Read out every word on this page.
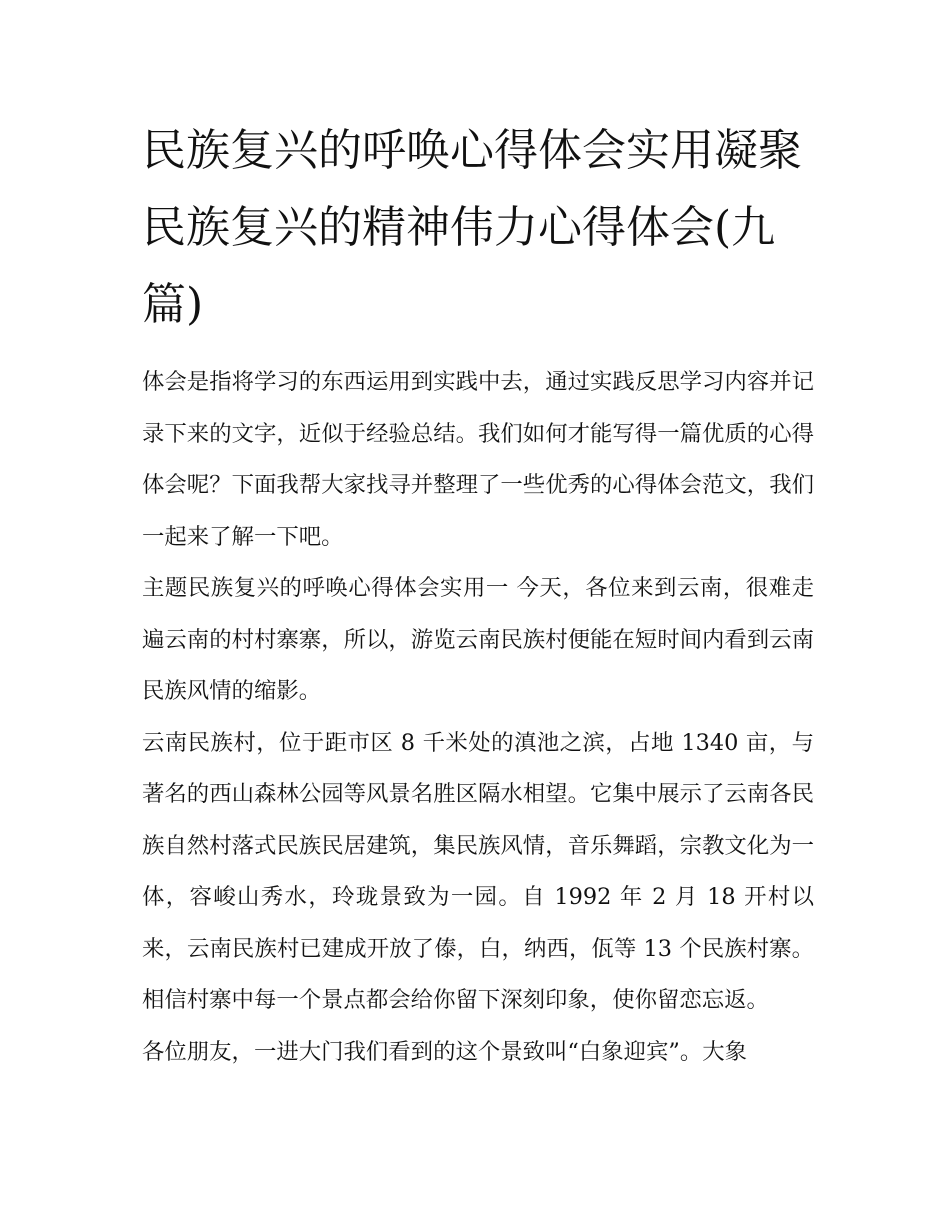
民族复兴的呼唤心得体会实用凝聚民族复兴的精神伟力心得体会(九篇)

体会是指将学习的东西运用到实践中去，通过实践反思学习内容并记录下来的文字，近似于经验总结。我们如何才能写得一篇优质的心得体会呢？下面我帮大家找寻并整理了一些优秀的心得体会范文，我们一起来了解一下吧。

主题民族复兴的呼唤心得体会实用一 今天，各位来到云南，很难走遍云南的村村寨寨，所以，游览云南民族村便能在短时间内看到云南民族风情的缩影。

云南民族村，位于距市区 8 千米处的滇池之滨，占地 1340 亩，与著名的西山森林公园等风景名胜区隔水相望。它集中展示了云南各民族自然村落式民族民居建筑，集民族风情，音乐舞蹈，宗教文化为一体，容峻山秀水，玲珑景致为一园。自 1992 年 2 月 18 开村以来，云南民族村已建成开放了傣，白，纳西，佤等 13 个民族村寨。相信村寨中每一个景点都会给你留下深刻印象，使你留恋忘返。

各位朋友，一进大门我们看到的这个景致叫“白象迎宾”。大象
